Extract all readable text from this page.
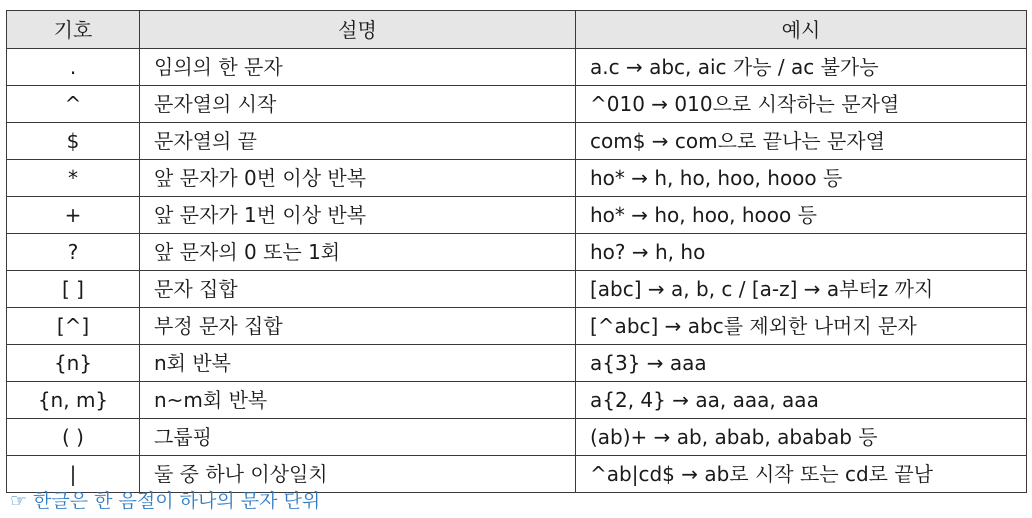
기호	설명	예시
.	임의의 한 문자	a.c → abc, aic 가능 / ac 불가능
^	문자열의 시작	^010 → 010으로 시작하는 문자열
$	문자열의 끝	com$ → com으로 끝나는 문자열
*	앞 문자가 0번 이상 반복	ho* → h, ho, hoo, hooo 등
+	앞 문자가 1번 이상 반복	ho* → ho, hoo, hooo 등
?	앞 문자의 0 또는 1회	ho? → h, ho
[ ]	문자 집합	[abc] → a, b, c / [a-z] → a부터z 까지
[^]	부정 문자 집합	[^abc] → abc를 제외한 나머지 문자
{n}	n회 반복	a{3} → aaa
{n, m}	n~m회 반복	a{2, 4} → aa, aaa, aaa
( )	그룹핑	(ab)+ → ab, abab, ababab 등
|	둘 중 하나 이상일치	^ab|cd$ → ab로 시작 또는 cd로 끝남
☞ 한글은 한 음절이 하나의 문자 단위
